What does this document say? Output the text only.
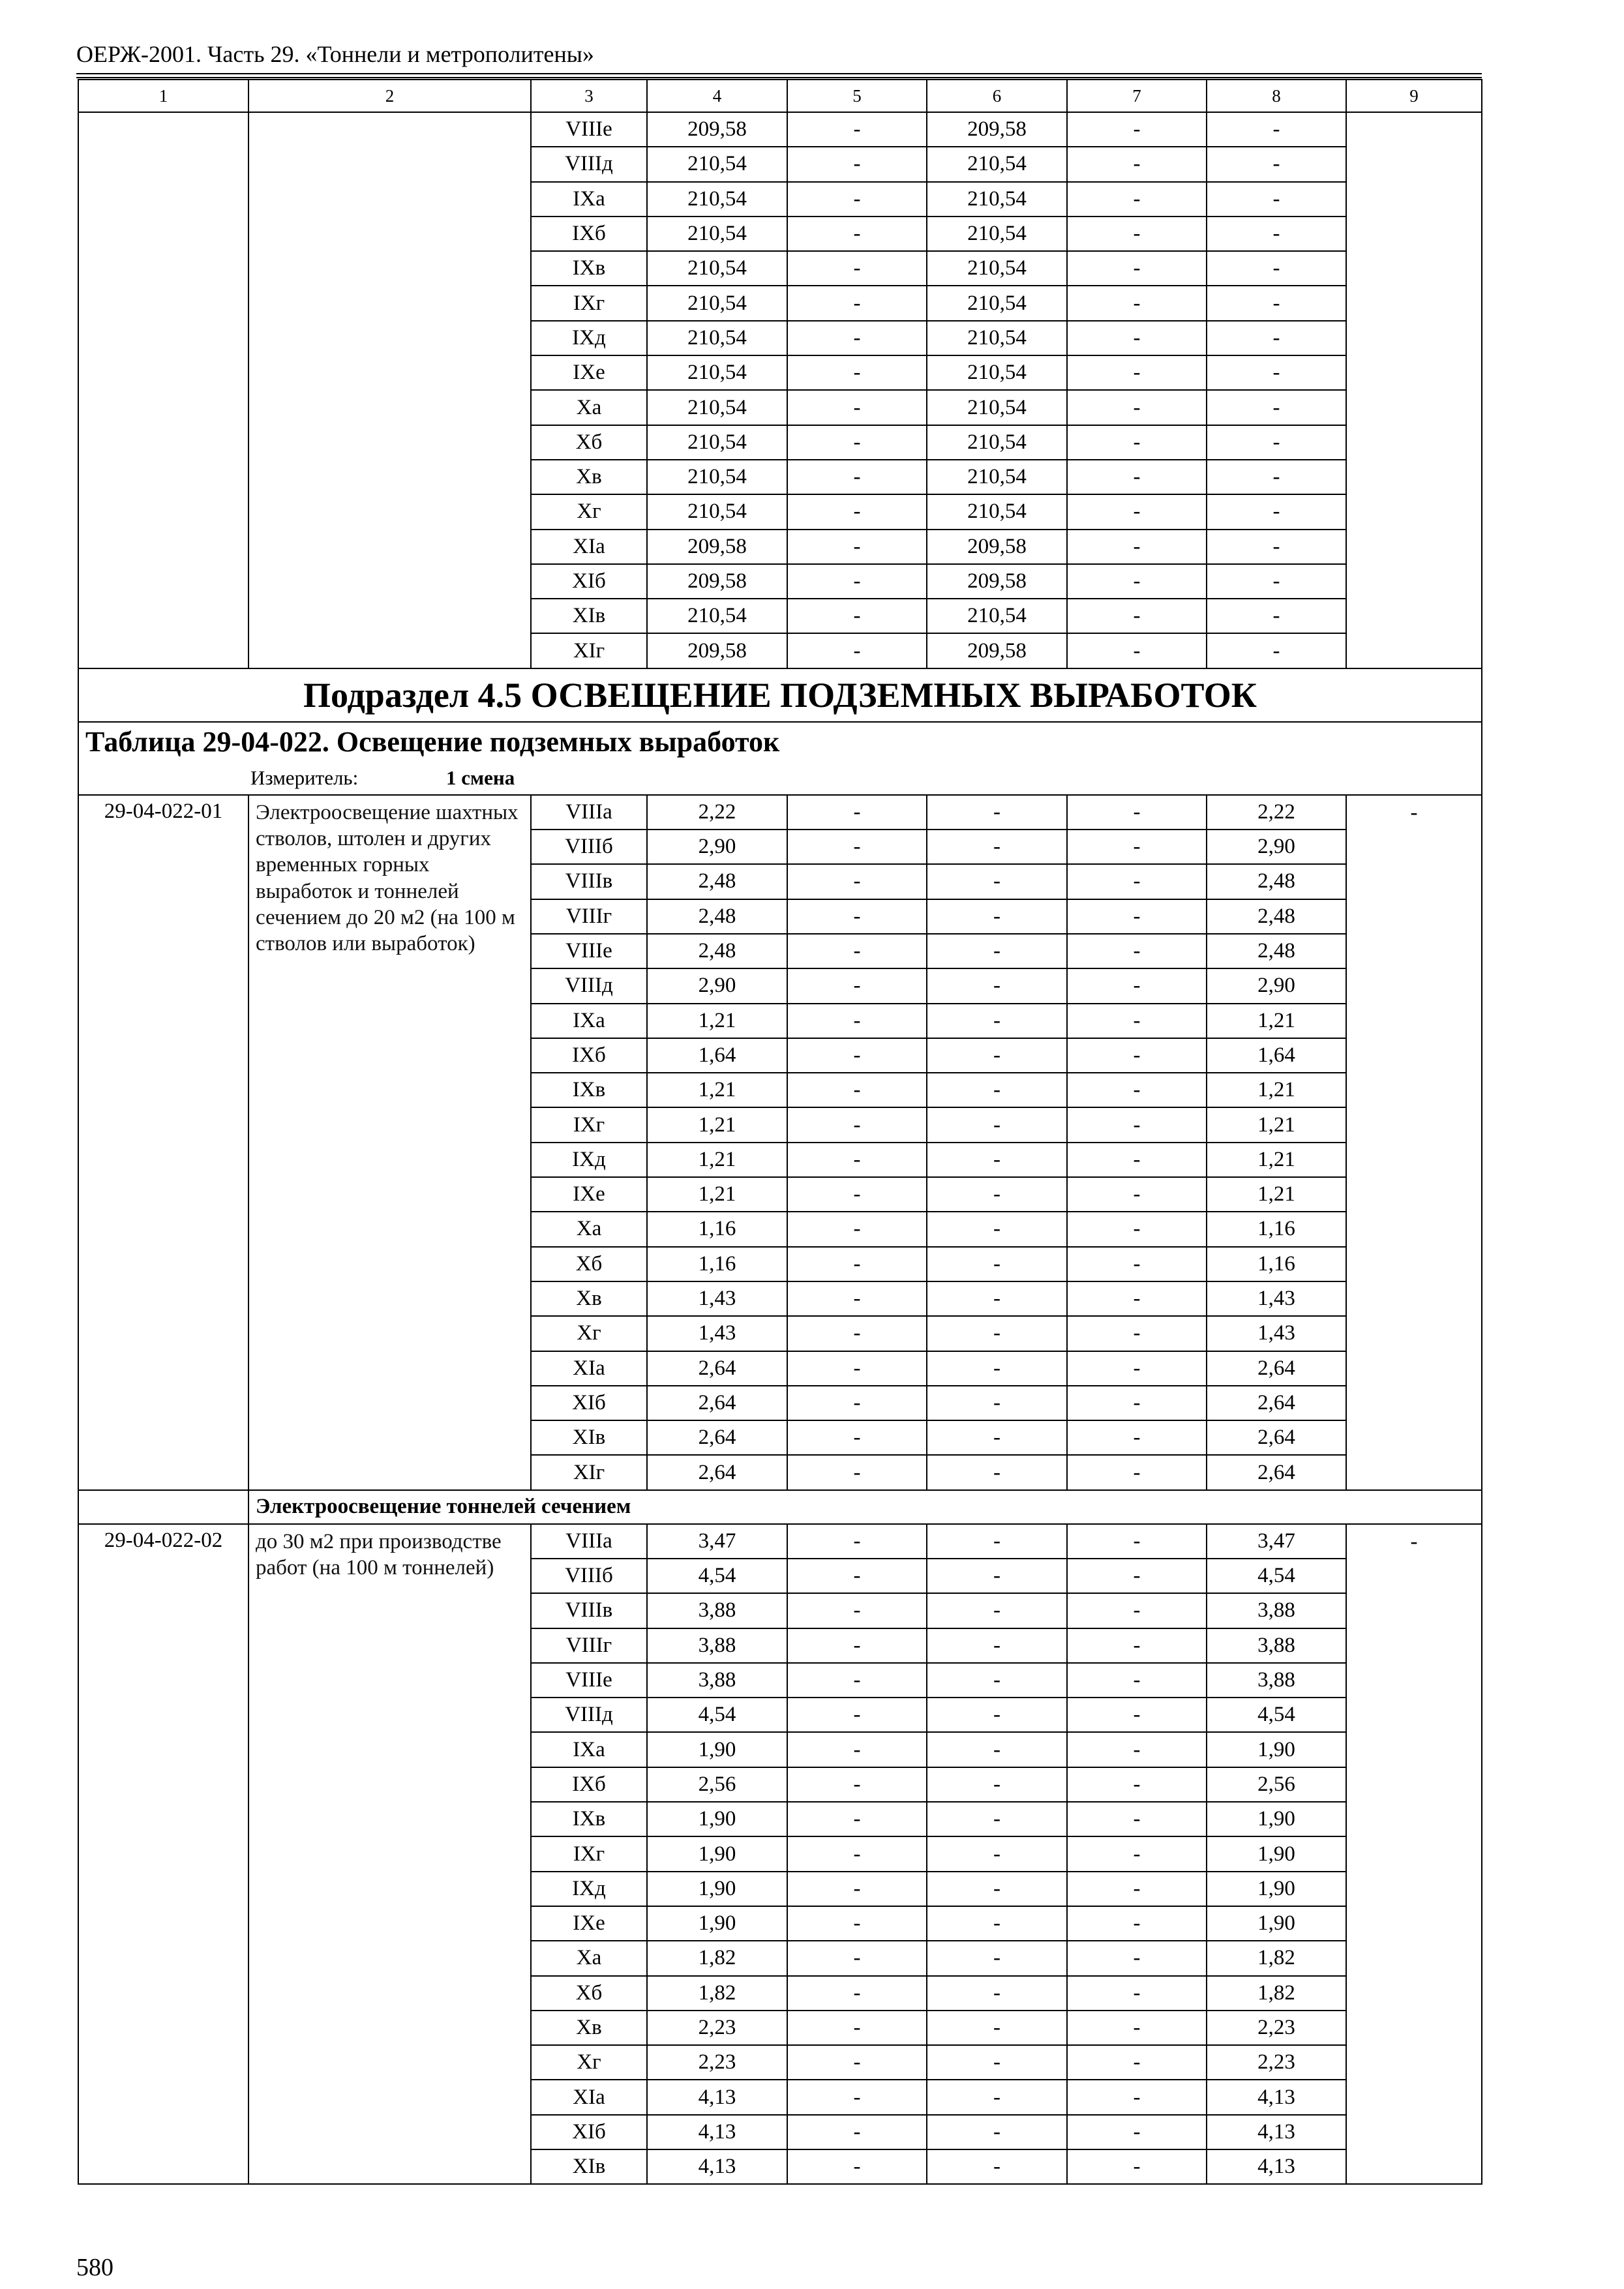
ОЕРЖ-2001. Часть 29. «Тоннели и метрополитены»
1	2	3	4	5	6	7	8	9
		VIIIе	209,58	-	209,58	-	-	
		VIIIд	210,54	-	210,54	-	-	
		IXа	210,54	-	210,54	-	-	
		IXб	210,54	-	210,54	-	-	
		IXв	210,54	-	210,54	-	-	
		IXг	210,54	-	210,54	-	-	
		IXд	210,54	-	210,54	-	-	
		IXе	210,54	-	210,54	-	-	
		Xа	210,54	-	210,54	-	-	
		Xб	210,54	-	210,54	-	-	
		Xв	210,54	-	210,54	-	-	
		Xг	210,54	-	210,54	-	-	
		XIа	209,58	-	209,58	-	-	
		XIб	209,58	-	209,58	-	-	
		XIв	210,54	-	210,54	-	-	
		XIг	209,58	-	209,58	-	-	
Подраздел 4.5 ОСВЕЩЕНИЕ ПОДЗЕМНЫХ ВЫРАБОТОК								
Таблица 29-04-022. Освещение подземных выработок								
Измеритель: 1 смена								
29-04-022-01	Электроосвещение шахтных стволов, штолен и других временных горных выработок и тоннелей сечением до 20 м2 (на 100 м стволов или выработок)	VIIIа	2,22	-	-	-	2,22	-
		VIIIб	2,90	-	-	-	2,90	
		VIIIв	2,48	-	-	-	2,48	
		VIIIг	2,48	-	-	-	2,48	
		VIIIе	2,48	-	-	-	2,48	
		VIIIд	2,90	-	-	-	2,90	
		IXа	1,21	-	-	-	1,21	
		IXб	1,64	-	-	-	1,64	
		IXв	1,21	-	-	-	1,21	
		IXг	1,21	-	-	-	1,21	
		IXд	1,21	-	-	-	1,21	
		IXе	1,21	-	-	-	1,21	
		Xа	1,16	-	-	-	1,16	
		Xб	1,16	-	-	-	1,16	
		Xв	1,43	-	-	-	1,43	
		Xг	1,43	-	-	-	1,43	
		XIа	2,64	-	-	-	2,64	
		XIб	2,64	-	-	-	2,64	
		XIв	2,64	-	-	-	2,64	
		XIг	2,64	-	-	-	2,64	
	Электроосвещение тоннелей сечением							
29-04-022-02	до 30 м2 при производстве работ (на 100 м тоннелей)	VIIIа	3,47	-	-	-	3,47	-
		VIIIб	4,54	-	-	-	4,54	
		VIIIв	3,88	-	-	-	3,88	
		VIIIг	3,88	-	-	-	3,88	
		VIIIе	3,88	-	-	-	3,88	
		VIIIд	4,54	-	-	-	4,54	
		IXа	1,90	-	-	-	1,90	
		IXб	2,56	-	-	-	2,56	
		IXв	1,90	-	-	-	1,90	
		IXг	1,90	-	-	-	1,90	
		IXд	1,90	-	-	-	1,90	
		IXе	1,90	-	-	-	1,90	
		Xа	1,82	-	-	-	1,82	
		Xб	1,82	-	-	-	1,82	
		Xв	2,23	-	-	-	2,23	
		Xг	2,23	-	-	-	2,23	
		XIа	4,13	-	-	-	4,13	
		XIб	4,13	-	-	-	4,13	
		XIв	4,13	-	-	-	4,13	
580
